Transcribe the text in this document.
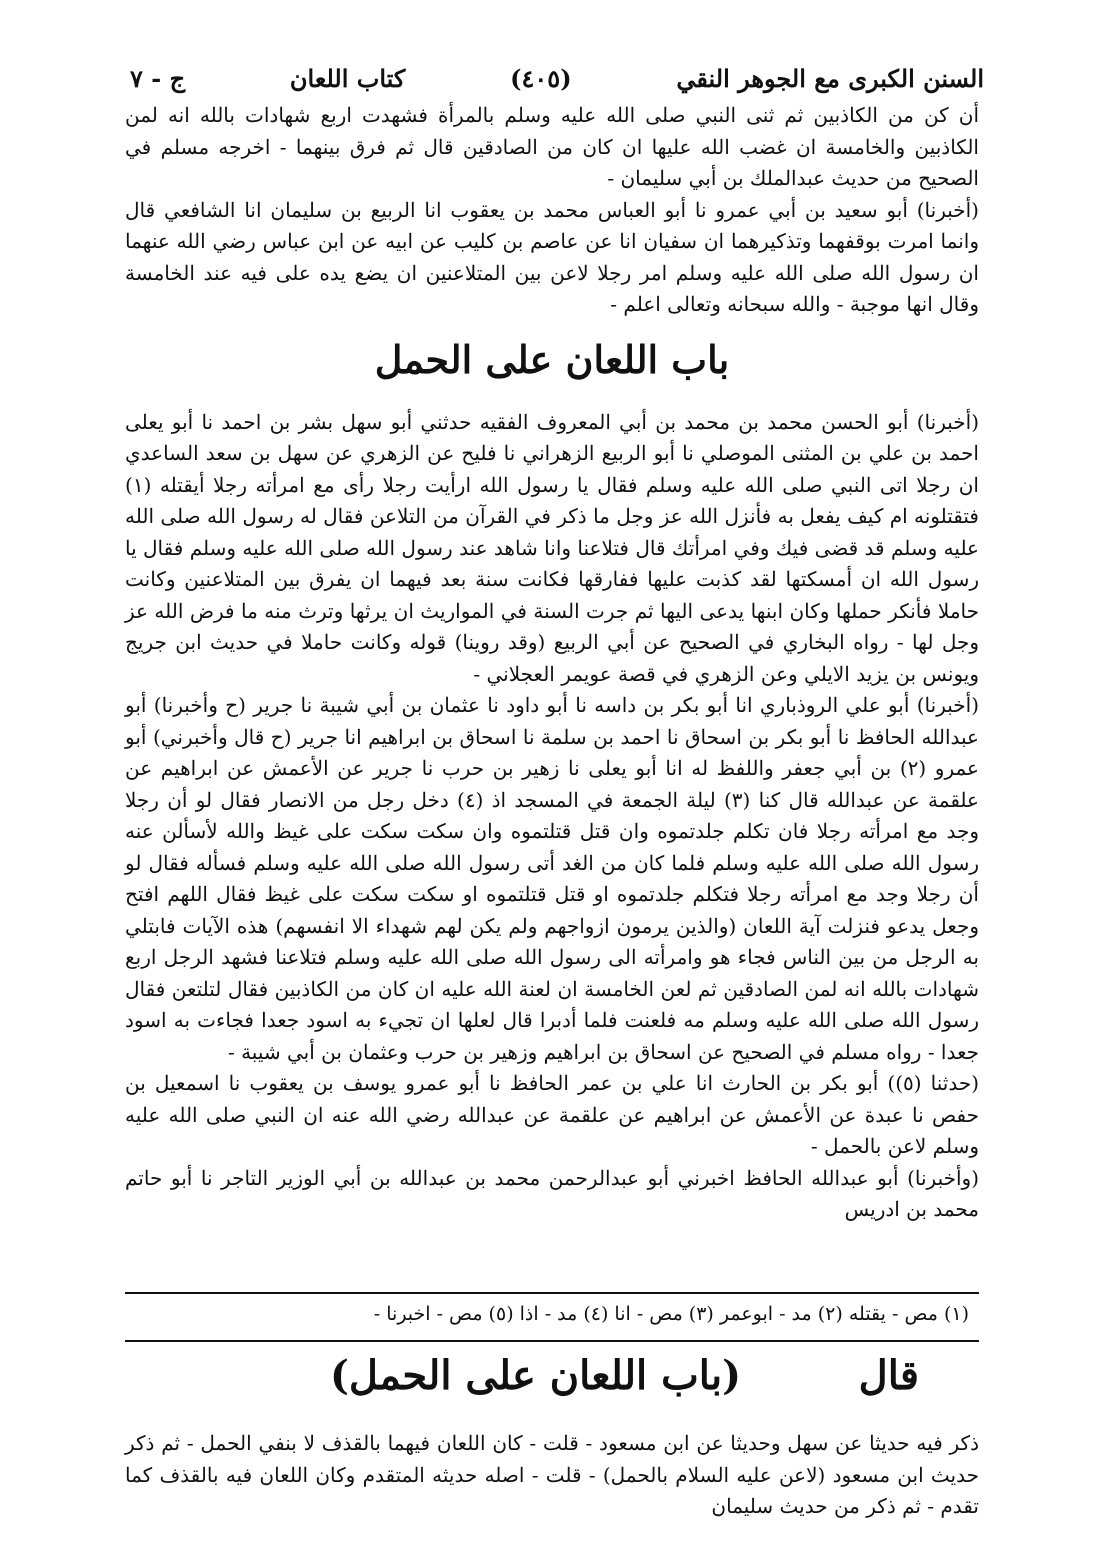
السنن الكبرى مع الجوهر النقي
(٤٠٥)
كتاب اللعان
ج - ٧

أن كن من الكاذبين ثم ثنى النبي صلى الله عليه وسلم بالمرأة فشهدت اربع شهادات بالله انه لمن الكاذبين والخامسة ان غضب الله عليها ان كان من الصادقين قال ثم فرق بينهما - اخرجه مسلم في الصحيح من حديث عبدالملك بن أبي سليمان -

(أخبرنا) أبو سعيد بن أبي عمرو نا أبو العباس محمد بن يعقوب انا الربيع بن سليمان انا الشافعي قال وانما امرت بوقفهما وتذكيرهما ان سفيان انا عن عاصم بن كليب عن ابيه عن ابن عباس رضي الله عنهما ان رسول الله صلى الله عليه وسلم امر رجلا لاعن بين المتلاعنين ان يضع يده على فيه عند الخامسة وقال انها موجبة - والله سبحانه وتعالى اعلم -

باب اللعان على الحمل

(أخبرنا) أبو الحسن محمد بن محمد بن أبي المعروف الفقيه حدثني أبو سهل بشر بن احمد نا أبو يعلى احمد بن علي بن المثنى الموصلي نا أبو الربيع الزهراني نا فليح عن الزهري عن سهل بن سعد الساعدي ان رجلا اتى النبي صلى الله عليه وسلم فقال يا رسول الله ارأيت رجلا رأى مع امرأته رجلا أيقتله (١) فتقتلونه ام كيف يفعل به فأنزل الله عز وجل ما ذكر في القرآن من التلاعن فقال له رسول الله صلى الله عليه وسلم قد قضى فيك وفي امرأتك قال فتلاعنا وانا شاهد عند رسول الله صلى الله عليه وسلم فقال يا رسول الله ان أمسكتها لقد كذبت عليها ففارقها فكانت سنة بعد فيهما ان يفرق بين المتلاعنين وكانت حاملا فأنكر حملها وكان ابنها يدعى اليها ثم جرت السنة في المواريث ان يرثها وترث منه ما فرض الله عز وجل لها - رواه البخاري في الصحيح عن أبي الربيع (وقد روينا) قوله وكانت حاملا في حديث ابن جريج ويونس بن يزيد الايلي وعن الزهري في قصة عويمر العجلاني -

(أخبرنا) أبو علي الروذباري انا أبو بكر بن داسه نا أبو داود نا عثمان بن أبي شيبة نا جرير (ح وأخبرنا) أبو عبدالله الحافظ نا أبو بكر بن اسحاق نا احمد بن سلمة نا اسحاق بن ابراهيم انا جرير (ح قال وأخبرني) أبو عمرو (٢) بن أبي جعفر واللفظ له انا أبو يعلى نا زهير بن حرب نا جرير عن الأعمش عن ابراهيم عن علقمة عن عبدالله قال كنا (٣) ليلة الجمعة في المسجد اذ (٤) دخل رجل من الانصار فقال لو أن رجلا وجد مع امرأته رجلا فان تكلم جلدتموه وان قتل قتلتموه وان سكت سكت على غيظ والله لأسألن عنه رسول الله صلى الله عليه وسلم فلما كان من الغد أتى رسول الله صلى الله عليه وسلم فسأله فقال لو أن رجلا وجد مع امرأته رجلا فتكلم جلدتموه او قتل قتلتموه او سكت سكت على غيظ فقال اللهم افتح وجعل يدعو فنزلت آية اللعان (والذين يرمون ازواجهم ولم يكن لهم شهداء الا انفسهم) هذه الآيات فابتلي به الرجل من بين الناس فجاء هو وامرأته الى رسول الله صلى الله عليه وسلم فتلاعنا فشهد الرجل اربع شهادات بالله انه لمن الصادقين ثم لعن الخامسة ان لعنة الله عليه ان كان من الكاذبين فقال لتلتعن فقال رسول الله صلى الله عليه وسلم مه فلعنت فلما أدبرا قال لعلها ان تجيء به اسود جعدا فجاءت به اسود جعدا - رواه مسلم في الصحيح عن اسحاق بن ابراهيم وزهير بن حرب وعثمان بن أبي شيبة -

(حدثنا (٥)) أبو بكر بن الحارث انا علي بن عمر الحافظ نا أبو عمرو يوسف بن يعقوب نا اسمعيل بن حفص نا عبدة عن الأعمش عن ابراهيم عن علقمة عن عبدالله رضي الله عنه ان النبي صلى الله عليه وسلم لاعن بالحمل -

(وأخبرنا) أبو عبدالله الحافظ اخبرني أبو عبدالرحمن محمد بن عبدالله بن أبي الوزير التاجر نا أبو حاتم محمد بن ادريس

(١) مص - يقتله (٢) مد - ابوعمر (٣) مص - انا (٤) مد - اذا (٥) مص - اخبرنا -
قال
(باب اللعان على الحمل)

ذكر فيه حديثا عن سهل وحديثا عن ابن مسعود - قلت - كان اللعان فيهما بالقذف لا بنفي الحمل - ثم ذكر حديث ابن مسعود (لاعن عليه السلام بالحمل) - قلت - اصله حديثه المتقدم وكان اللعان فيه بالقذف كما تقدم - ثم ذكر من حديث سليمان
